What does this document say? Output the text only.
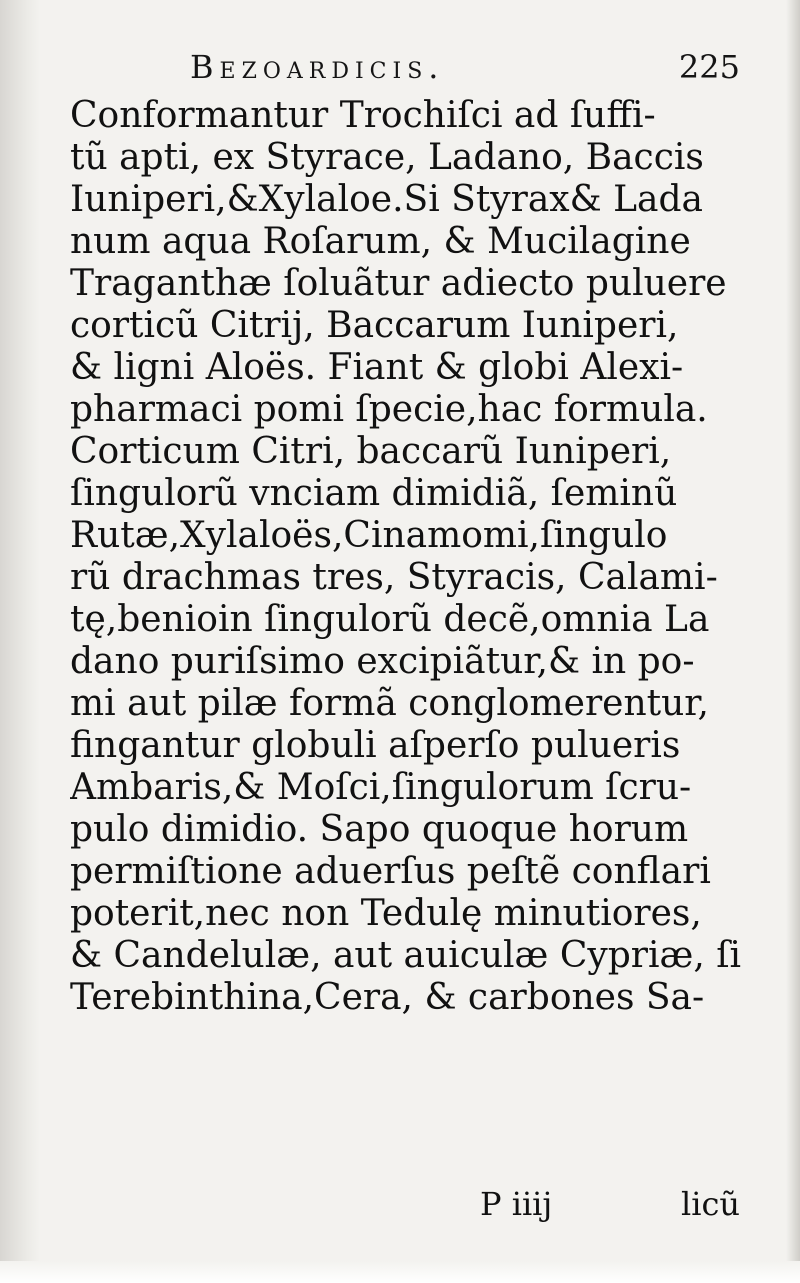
Bezoardicis.	225
Conformantur Trochiſci ad ſuffi-
tũ apti, ex Styrace, Ladano, Baccis
Iuniperi,&Xylaloe.Si Styrax& Lada
num aqua Roſarum, & Mucilagine
Traganthæ ſoluãtur adiecto puluere
corticũ Citrij, Baccarum Iuniperi,
& ligni Aloës. Fiant & globi Alexi-
pharmaci pomi ſpecie,hac formula.
Corticum Citri, baccarũ Iuniperi,
ſingulorũ vnciam dimidiã, ſeminũ
Rutæ,Xylaloës,Cinamomi,ſingulo
rũ drachmas tres, Styracis, Calami-
tę,benioin ſingulorũ decẽ,omnia La
dano puriſsimo excipiãtur,& in po-
mi aut pilæ formã conglomerentur,
fingantur globuli aſperſo pulueris
Ambaris,& Moſci,ſingulorum ſcru-
pulo dimidio. Sapo quoque horum
permiſtione aduerſus peſtẽ conflari
poterit,nec non Tedulę minutiores,
& Candelulæ, aut auiculæ Cypriæ, ſi
Terebinthina,Cera, & carbones Sa-
P iiij	licũ
